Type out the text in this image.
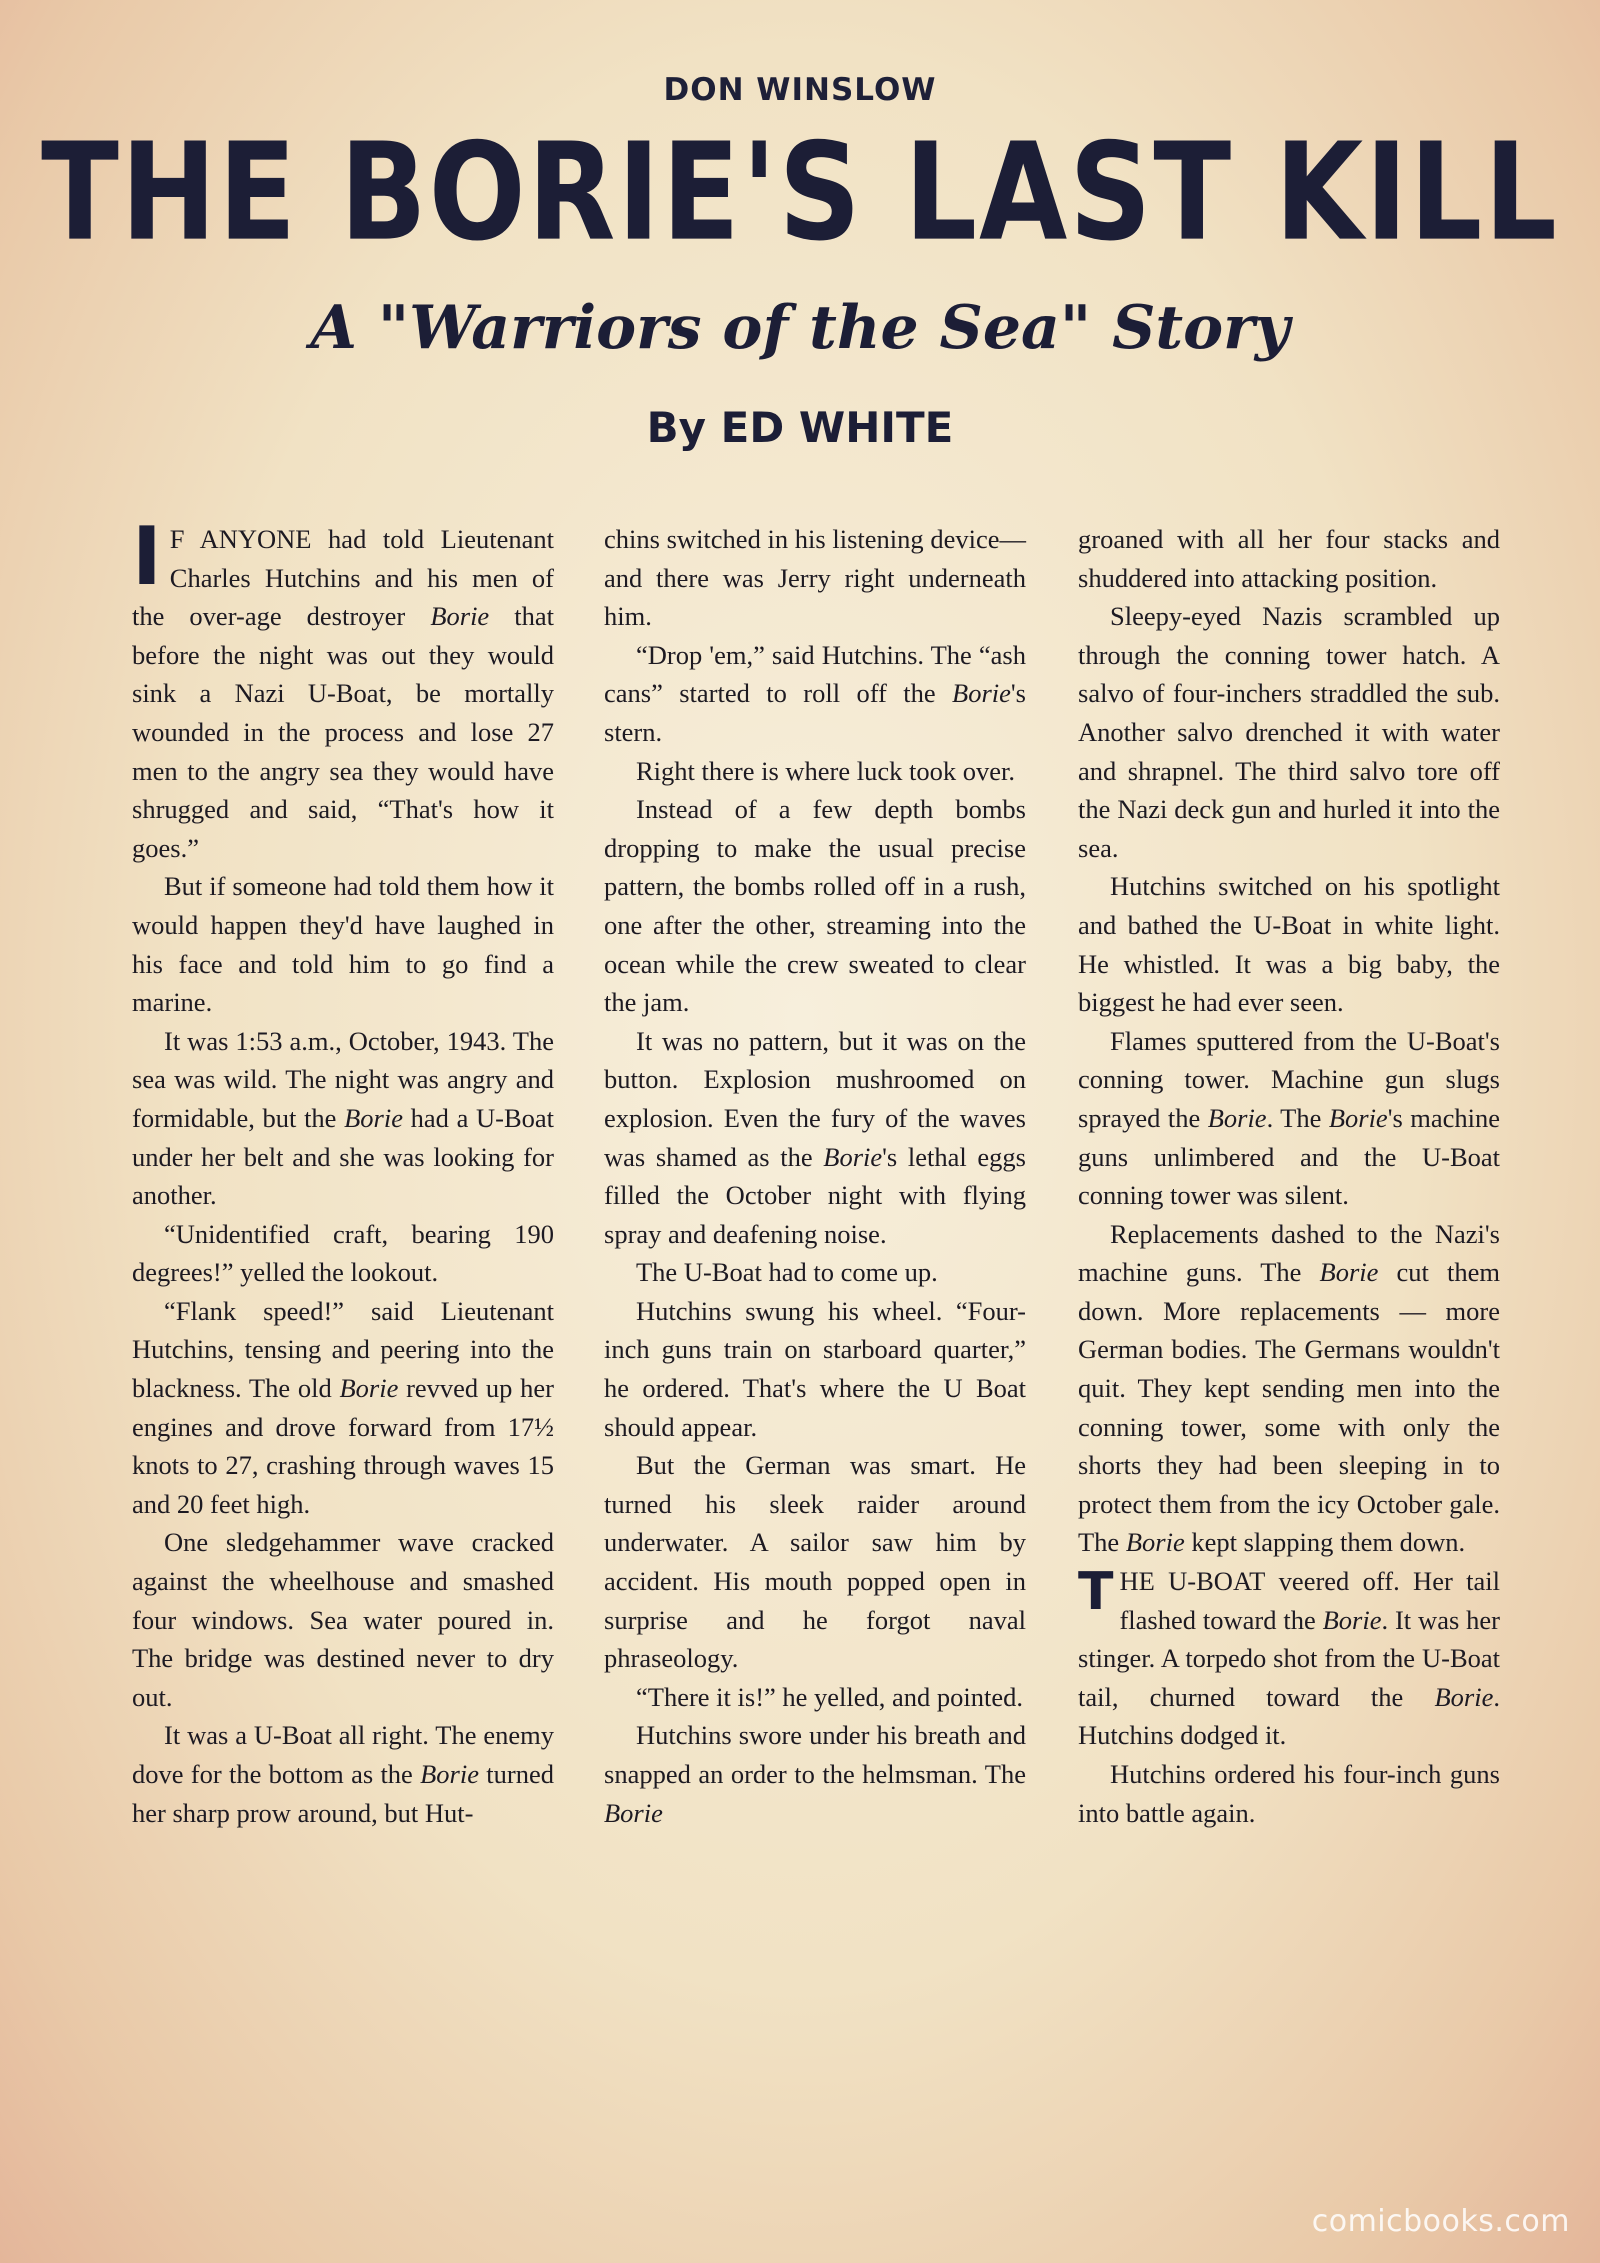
DON WINSLOW
THE BORIE'S LAST KILL
A "Warriors of the Sea" Story
By ED WHITE

I F ANYONE had told Lieutenant Charles Hutchins and his men of the over-age destroyer Borie that before the night was out they would sink a Nazi U-Boat, be mortally wounded in the process and lose 27 men to the angry sea they would have shrugged and said, “That's how it goes.”

But if someone had told them how it would happen they'd have laughed in his face and told him to go find a marine.

It was 1:53 a.m., October, 1943. The sea was wild. The night was angry and formidable, but the Borie had a U-Boat under her belt and she was looking for another.

“Unidentified craft, bearing 190 degrees!” yelled the lookout.

“Flank speed!” said Lieutenant Hutchins, tensing and peering into the blackness. The old Borie revved up her engines and drove forward from 17½ knots to 27, crashing through waves 15 and 20 feet high.

One sledgehammer wave cracked against the wheelhouse and smashed four windows. Sea water poured in. The bridge was destined never to dry out.

It was a U-Boat all right. The enemy dove for the bottom as the Borie turned her sharp prow around, but Hut-

chins switched in his listening device—and there was Jerry right underneath him.

“Drop 'em,” said Hutchins. The “ash cans” started to roll off the Borie's stern.

Right there is where luck took over.

Instead of a few depth bombs dropping to make the usual precise pattern, the bombs rolled off in a rush, one after the other, streaming into the ocean while the crew sweated to clear the jam.

It was no pattern, but it was on the button. Explosion mushroomed on explosion. Even the fury of the waves was shamed as the Borie's lethal eggs filled the October night with flying spray and deafening noise.

The U-Boat had to come up.

Hutchins swung his wheel. “Four-inch guns train on starboard quarter,” he ordered. That's where the U Boat should appear.

But the German was smart. He turned his sleek raider around underwater. A sailor saw him by accident. His mouth popped open in surprise and he forgot naval phraseology.

“There it is!” he yelled, and pointed.

Hutchins swore under his breath and snapped an order to the helmsman. The Borie

groaned with all her four stacks and shuddered into attacking position.

Sleepy-eyed Nazis scrambled up through the conning tower hatch. A salvo of four-inchers straddled the sub. Another salvo drenched it with water and shrapnel. The third salvo tore off the Nazi deck gun and hurled it into the sea.

Hutchins switched on his spotlight and bathed the U-Boat in white light. He whistled. It was a big baby, the biggest he had ever seen.

Flames sputtered from the U-Boat's conning tower. Machine gun slugs sprayed the Borie. The Borie's machine guns unlimbered and the U-Boat conning tower was silent.

Replacements dashed to the Nazi's machine guns. The Borie cut them down. More replacements — more German bodies. The Germans wouldn't quit. They kept sending men into the conning tower, some with only the shorts they had been sleeping in to protect them from the icy October gale. The Borie kept slapping them down.

THE U-BOAT veered off. Her tail flashed toward the Borie. It was her stinger. A torpedo shot from the U-Boat tail, churned toward the Borie. Hutchins dodged it.

Hutchins ordered his four-inch guns into battle again.

comicbooks.com
